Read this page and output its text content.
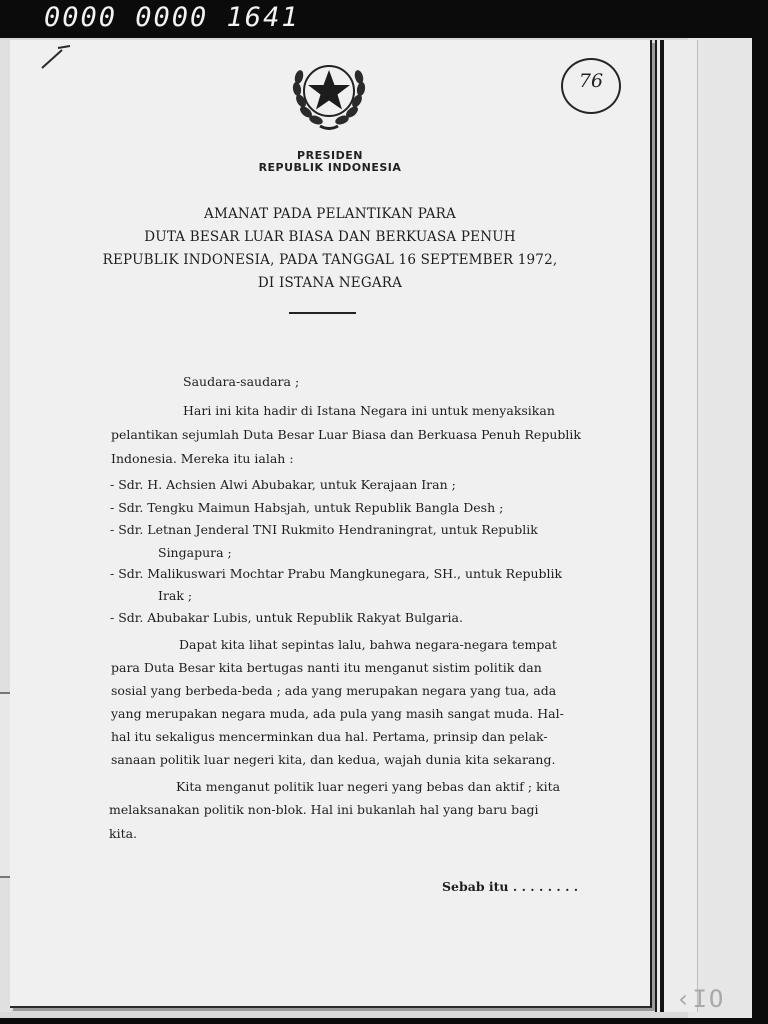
0000 0000 1641
PRESIDEN
REPUBLIK INDONESIA
76
AMANAT PADA PELANTIKAN PARA
DUTA BESAR LUAR BIASA DAN BERKUASA PENUH
REPUBLIK INDONESIA, PADA TANGGAL 16 SEPTEMBER 1972,
DI ISTANA NEGARA
Saudara-saudara ;
Hari ini kita hadir di Istana Negara ini untuk menyaksikan
pelantikan sejumlah Duta Besar Luar Biasa dan Berkuasa Penuh Republik
Indonesia. Mereka itu ialah :
- Sdr. H. Achsien Alwi Abubakar, untuk Kerajaan Iran ;
- Sdr. Tengku Maimun Habsjah, untuk Republik Bangla Desh ;
- Sdr. Letnan Jenderal TNI Rukmito Hendraningrat, untuk Republik
Singapura ;
- Sdr. Malikuswari Mochtar Prabu Mangkunegara, SH., untuk Republik
Irak ;
- Sdr. Abubakar Lubis, untuk Republik Rakyat Bulgaria.
Dapat kita lihat sepintas lalu, bahwa negara-negara tempat
para Duta Besar kita bertugas nanti itu menganut sistim politik dan
sosial yang berbeda-beda ; ada yang merupakan negara yang tua, ada
yang merupakan negara muda, ada pula yang masih sangat muda. Hal-
hal itu sekaligus mencerminkan dua hal. Pertama, prinsip dan pelak-
sanaan politik luar negeri kita, dan kedua, wajah dunia kita sekarang.
Kita menganut politik luar negeri yang bebas dan aktif ; kita
melaksanakan politik non-blok. Hal ini bukanlah hal yang baru bagi
kita.
Sebab itu . . . . . . . .
‹IO
